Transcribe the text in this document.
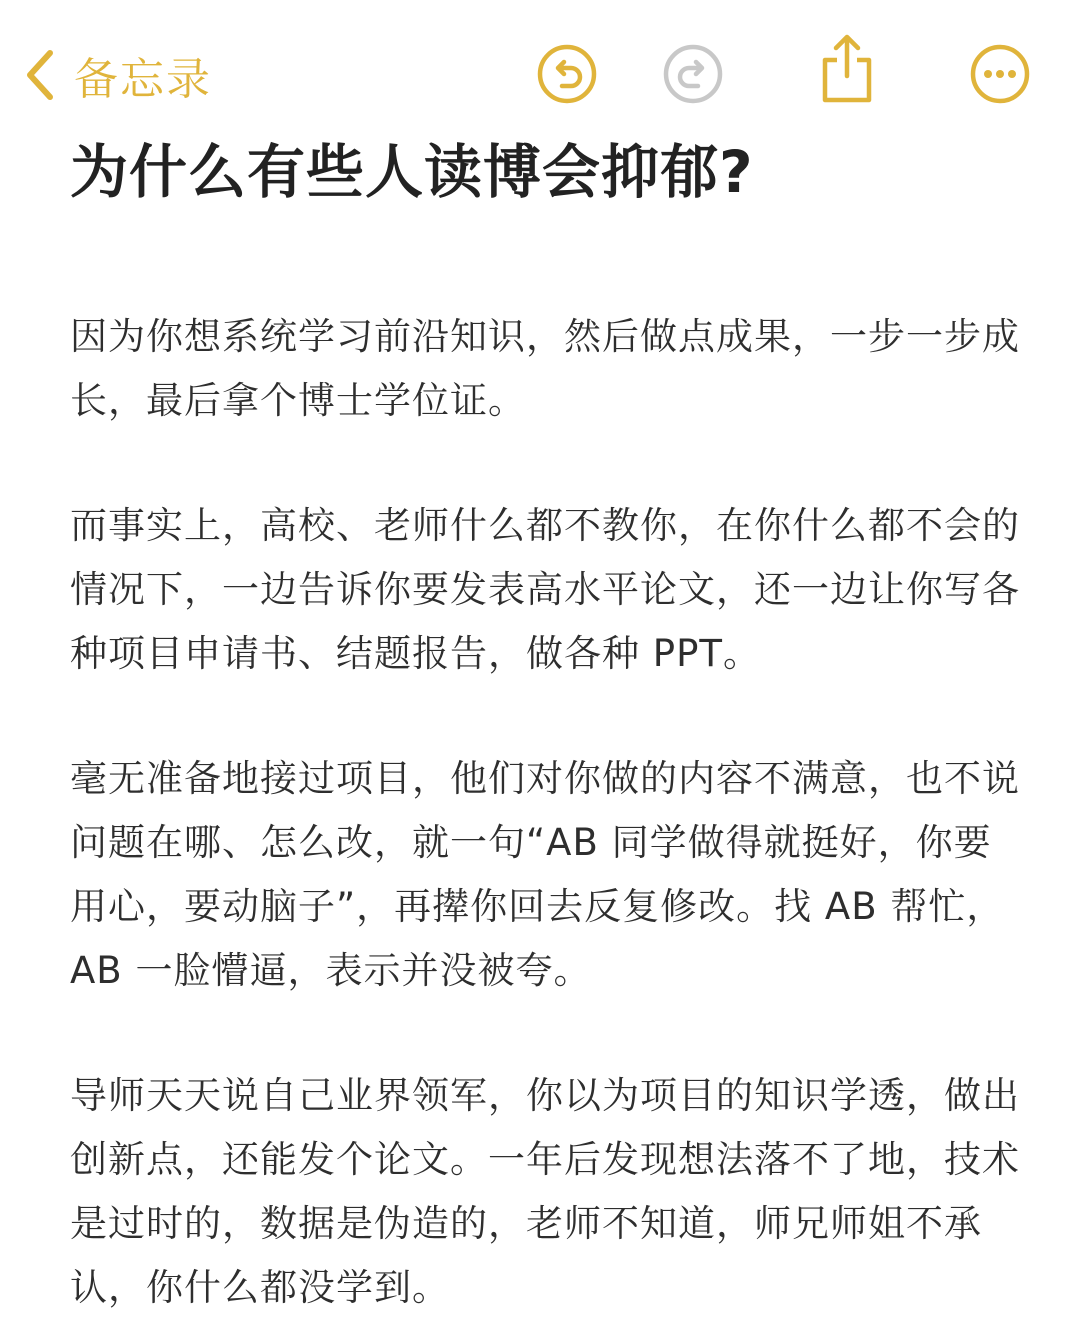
备忘录
为什么有些人读博会抑郁?

因为你想系统学习前沿知识，然后做点成果，一步一步成长，最后拿个博士学位证。

而事实上，高校、老师什么都不教你，在你什么都不会的情况下，一边告诉你要发表高水平论文，还一边让你写各种项目申请书、结题报告，做各种 PPT。

毫无准备地接过项目，他们对你做的内容不满意，也不说问题在哪、怎么改，就一句“AB 同学做得就挺好，你要用心，要动脑子”，再撵你回去反复修改。找 AB 帮忙，AB 一脸懵逼，表示并没被夸。

导师天天说自己业界领军，你以为项目的知识学透，做出创新点，还能发个论文。一年后发现想法落不了地，技术是过时的，数据是伪造的，老师不知道，师兄师姐不承认，你什么都没学到。
